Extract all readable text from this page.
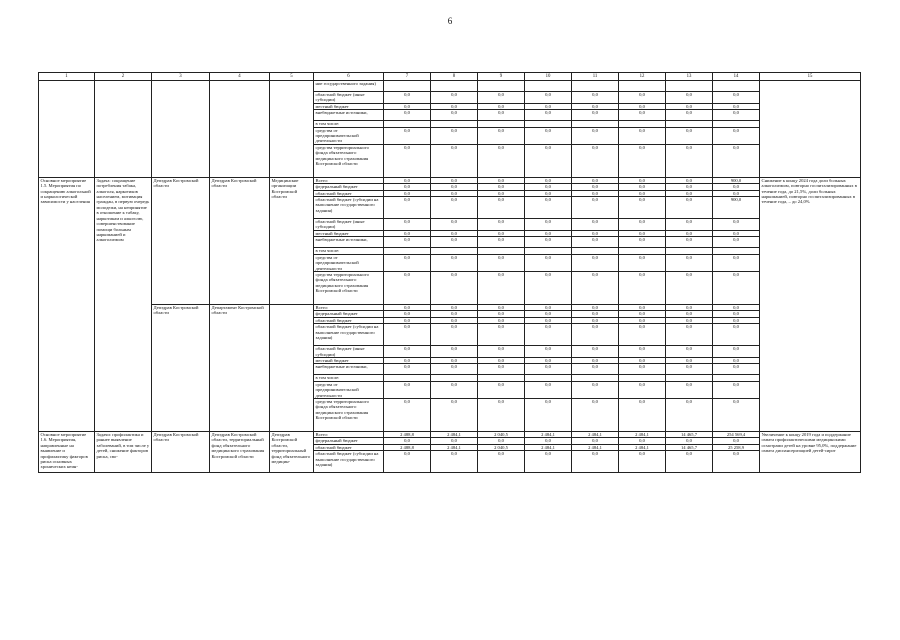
6
1	2	3	4	5	6	7	8	9	10	11	12	13	14	15
					ние государственного задания)									
					областной бюджет (иные субсидии)	0,0	0,0	0,0	0,0	0,0	0,0	0,0	0,0	
					местный бюджет	0,0	0,0	0,0	0,0	0,0	0,0	0,0	0,0	
					внебюджетные источники,	0,0	0,0	0,0	0,0	0,0	0,0	0,0	0,0	
					в том числе:									
					средства от предпринимательской деятельности	0,0	0,0	0,0	0,0	0,0	0,0	0,0	0,0	
					средства территориального фонда обязательного медицинского страхования Костромской области	0,0	0,0	0,0	0,0	0,0	0,0	0,0	0,0	
Основное мероприятие 1.5. Мероприятия по сокращению алкогольной и наркологической зависимости у населения	Задача: сокращение потребления табака, алкоголя, наркотиков населением, мотивация граждан, в первую очередь молодежи, на непринятие в отношение к табаку, наркотикам и алкоголю, совершенствование помощи больным наркоманией и алкоголизмом	Депздрав Костромской области	Депздрав Костромской области	Медицинские организации Костромской области	Всего:	0,0	0,0	0,0	0,0	0,0	0,0	0,0	900,0	Снижение к концу 2024 года доли больных алкоголизмом, повторно госпитализированных в течение года, до 21,5%, доли больных наркоманией, повторно госпитализированных в течение года, – до 24,0%
					федеральный бюджет	0,0	0,0	0,0	0,0	0,0	0,0	0,0	0,0	
					областной бюджет	0,0	0,0	0,0	0,0	0,0	0,0	0,0	0,0	
					областной бюджет (субсидии на выполнение государственного задания)	0,0	0,0	0,0	0,0	0,0	0,0	0,0	900,0	
					областной бюджет (иные субсидии)	0,0	0,0	0,0	0,0	0,0	0,0	0,0	0,0	
					местный бюджет	0,0	0,0	0,0	0,0	0,0	0,0	0,0	0,0	
					внебюджетные источники,	0,0	0,0	0,0	0,0	0,0	0,0	0,0	0,0	
					в том числе:									
					средства от предпринимательской деятельности	0,0	0,0	0,0	0,0	0,0	0,0	0,0	0,0	
					средства территориального фонда обязательного медицинского страхования Костромской области	0,0	0,0	0,0	0,0	0,0	0,0	0,0	0,0	
		Депздрав Костромской области	Департамент Костромской области		Всего:	0,0	0,0	0,0	0,0	0,0	0,0	0,0	0,0	
					федеральный бюджет	0,0	0,0	0,0	0,0	0,0	0,0	0,0	0,0	
					областной бюджет	0,0	0,0	0,0	0,0	0,0	0,0	0,0	0,0	
					областной бюджет (субсидии на выполнение государственного задания)	0,0	0,0	0,0	0,0	0,0	0,0	0,0	0,0	
					областной бюджет (иные субсидии)	0,0	0,0	0,0	0,0	0,0	0,0	0,0	0,0	
					местный бюджет	0,0	0,0	0,0	0,0	0,0	0,0	0,0	0,0	
					внебюджетные источники,	0,0	0,0	0,0	0,0	0,0	0,0	0,0	0,0	
					в том числе:									
					средства от предпринимательской деятельности	0,0	0,0	0,0	0,0	0,0	0,0	0,0	0,0	
					средства территориального фонда обязательного медицинского страхования Костромской области	0,0	0,0	0,0	0,0	0,0	0,0	0,0	0,0	
Основное мероприятие 1.6. Мероприятия, направленные на выявление и профилактику факторов риска основных хронических неин-	Задачи: профилактика и раннее выявление заболеваний, в том числе у детей, снижение факторов риска, сво-	Депздрав Костромской области	Депздрав Костромской области, территориальный фонд обязательного медицинского страхования Костромской области	Депздрав Костромской области, территориальный фонд обязательного медицин-	Всего:	2 488,8	2 484,1	2 040,5	2 484,1	2 484,1	2 484,1	14 465,7	254 569,4	Увеличение к концу 2019 года и поддержание охвата профилактическими медицинскими осмотрами детей на уровне 95,0%, поддержание охвата диспансеризацией детей-сирот
					федеральный бюджет	0,0	0,0	0,0	0,0	0,0	0,0	0,0	0,0	
					областной бюджет	2 488,8	2 484,1	2 040,5	2 484,1	2 484,1	2 484,1	14 465,7	25 258,9	
					областной бюджет (субсидии на выполнение государственного задания)	0,0	0,0	0,0	0,0	0,0	0,0	0,0	0,0	
